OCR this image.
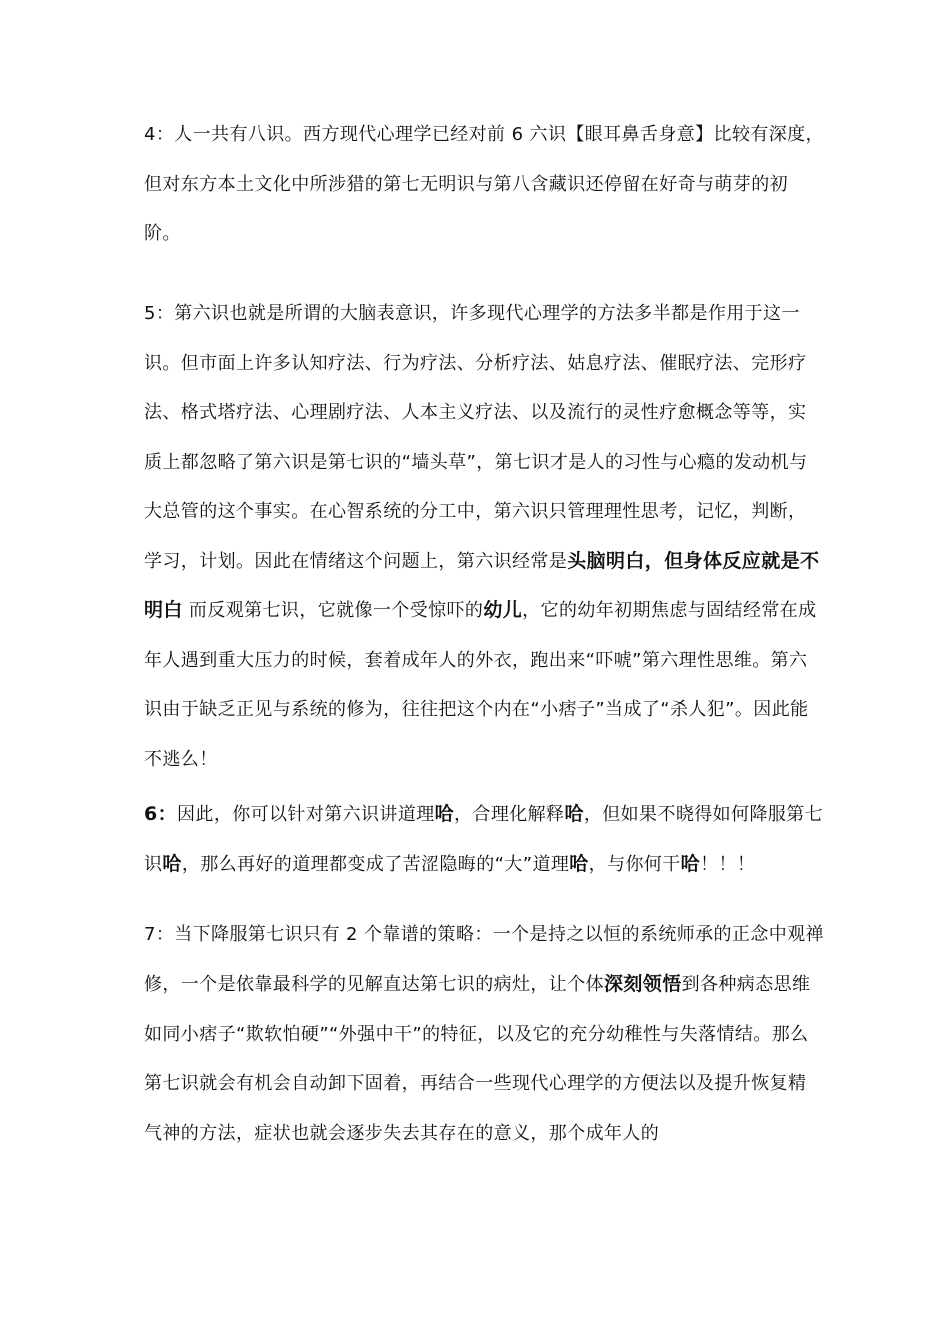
4：人一共有八识。西方现代心理学已经对前 6 六识【眼耳鼻舌身意】比较有深度，但对东方本土文化中所涉猎的第七无明识与第八含藏识还停留在好奇与萌芽的初阶。

5：第六识也就是所谓的大脑表意识，许多现代心理学的方法多半都是作用于这一识。但市面上许多认知疗法、行为疗法、分析疗法、姑息疗法、催眠疗法、完形疗法、格式塔疗法、心理剧疗法、人本主义疗法、以及流行的灵性疗愈概念等等，实质上都忽略了第六识是第七识的“墙头草”，第七识才是人的习性与心瘾的发动机与大总管的这个事实。在心智系统的分工中，第六识只管理理性思考，记忆，判断，学习，计划。因此在情绪这个问题上，第六识经常是头脑明白，但身体反应就是不明白 而反观第七识，它就像一个受惊吓的幼儿，它的幼年初期焦虑与固结经常在成年人遇到重大压力的时候，套着成年人的外衣，跑出来“吓唬”第六理性思维。第六识由于缺乏正见与系统的修为，往往把这个内在“小痞子”当成了“杀人犯”。因此能不逃么！

6：因此，你可以针对第六识讲道理哈，合理化解释哈，但如果不晓得如何降服第七识哈，那么再好的道理都变成了苦涩隐晦的“大”道理哈，与你何干哈！！！

7：当下降服第七识只有 2 个靠谱的策略：一个是持之以恒的系统师承的正念中观禅修，一个是依靠最科学的见解直达第七识的病灶，让个体深刻领悟到各种病态思维如同小痞子“欺软怕硬”“外强中干”的特征，以及它的充分幼稚性与失落情结。那么第七识就会有机会自动卸下固着，再结合一些现代心理学的方便法以及提升恢复精气神的方法，症状也就会逐步失去其存在的意义，那个成年人的
